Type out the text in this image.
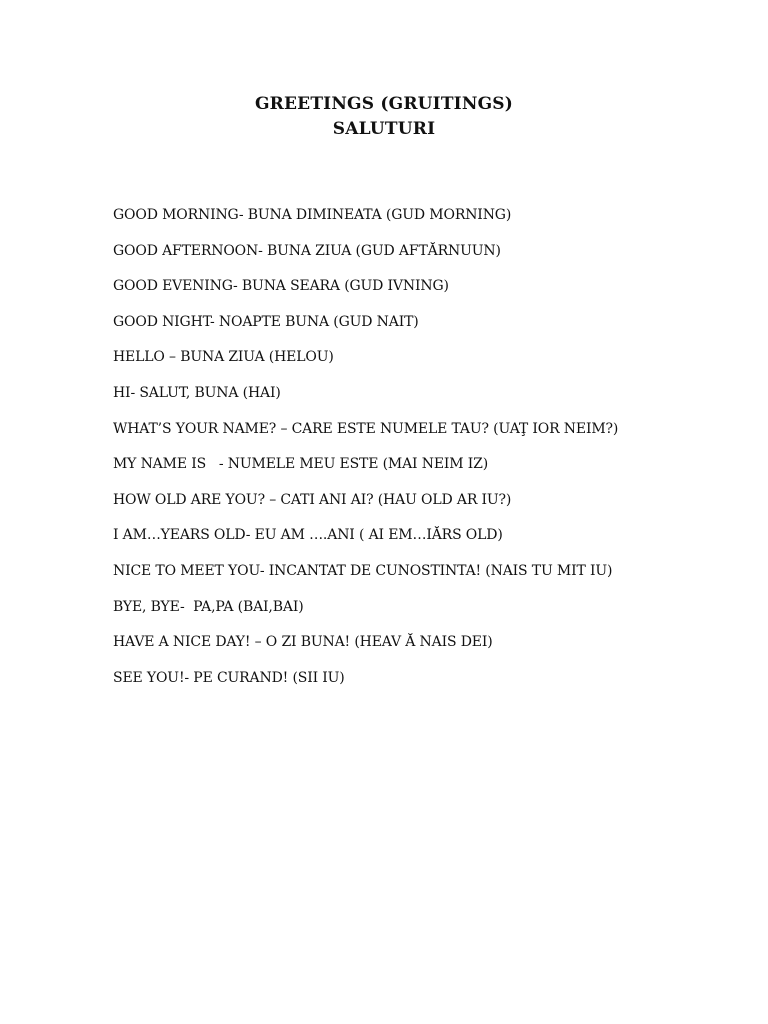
GREETINGS (GRUITINGS)
SALUTURI
GOOD MORNING- BUNA DIMINEATA (GUD MORNING)
GOOD AFTERNOON- BUNA ZIUA (GUD AFTĂRNUUN)
GOOD EVENING- BUNA SEARA (GUD IVNING)
GOOD NIGHT- NOAPTE BUNA (GUD NAIT)
HELLO – BUNA ZIUA (HELOU)
HI- SALUT, BUNA (HAI)
WHAT’S YOUR NAME? – CARE ESTE NUMELE TAU? (UAŢ IOR NEIM?)
MY NAME IS   - NUMELE MEU ESTE (MAI NEIM IZ)
HOW OLD ARE YOU? – CATI ANI AI? (HAU OLD AR IU?)
I AM…YEARS OLD- EU AM ….ANI ( AI EM…IĂRS OLD)
NICE TO MEET YOU- INCANTAT DE CUNOSTINTA! (NAIS TU MIT IU)
BYE, BYE-  PA,PA (BAI,BAI)
HAVE A NICE DAY! – O ZI BUNA! (HEAV Ă NAIS DEI)
SEE YOU!- PE CURAND! (SII IU)
